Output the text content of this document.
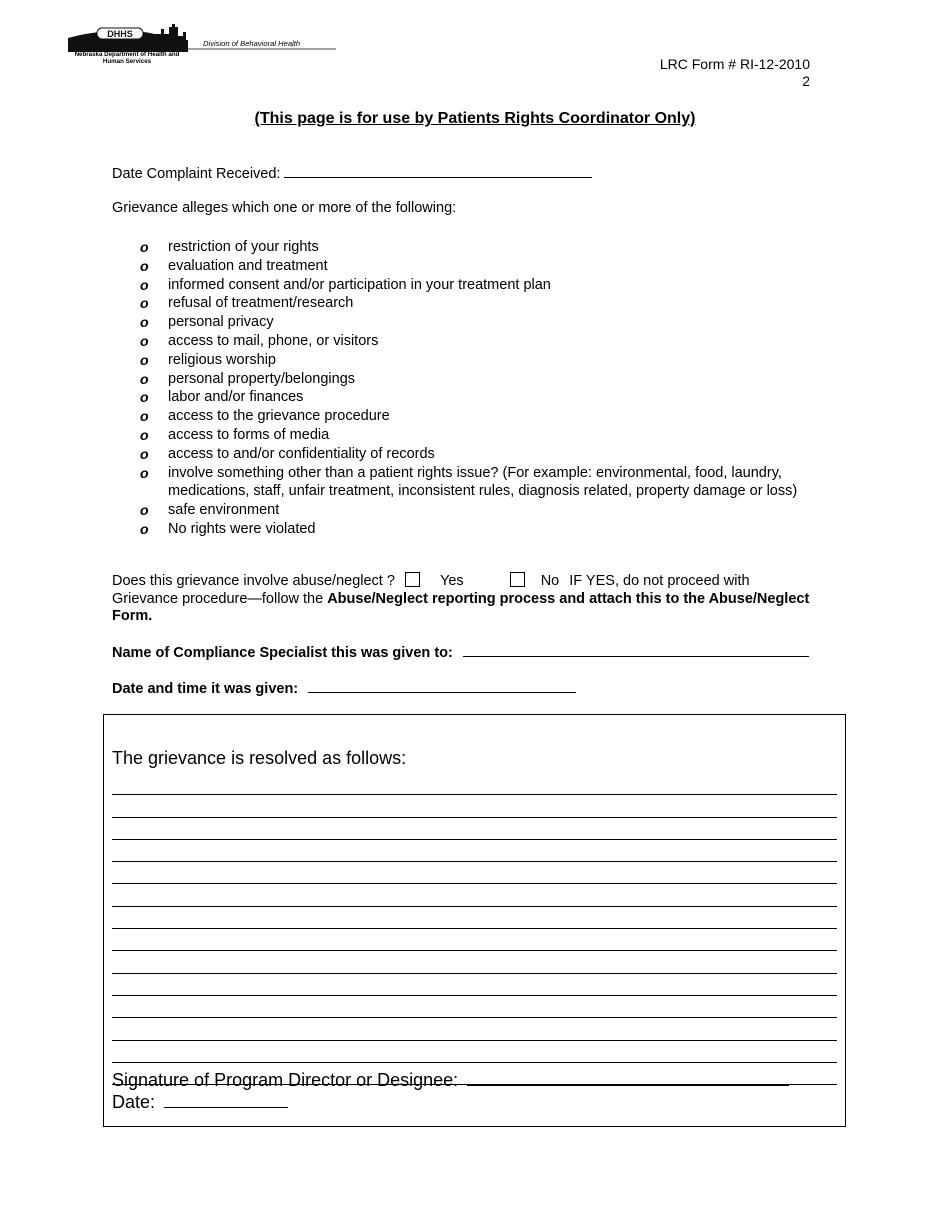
DHHS
Nebraska Department of Health and Human Services
Division of Behavioral Health
LRC Form # RI-12-2010
2
(This page is for use by Patients Rights Coordinator Only)
Date Complaint Received:
Grievance alleges which one or more of the following:
o restriction of your rights
o evaluation and treatment
o informed consent and/or participation in your treatment plan
o refusal of treatment/research
o personal privacy
o access to mail, phone, or visitors
o religious worship
o personal property/belongings
o labor and/or finances
o access to the grievance procedure
o access to forms of media
o access to and/or confidentiality of records
o involve something other than a patient rights issue? (For example: environmental, food, laundry, medications, staff, unfair treatment, inconsistent rules, diagnosis related, property damage or loss)
o safe environment
o No rights were violated
Does this grievance involve abuse/neglect ?	Yes	No IF YES, do not proceed with Grievance procedure—follow the Abuse/Neglect reporting process and attach this to the Abuse/Neglect Form.
Name of Compliance Specialist this was given to:
Date and time it was given:
The grievance is resolved as follows:
Signature of Program Director or Designee:
Date:
